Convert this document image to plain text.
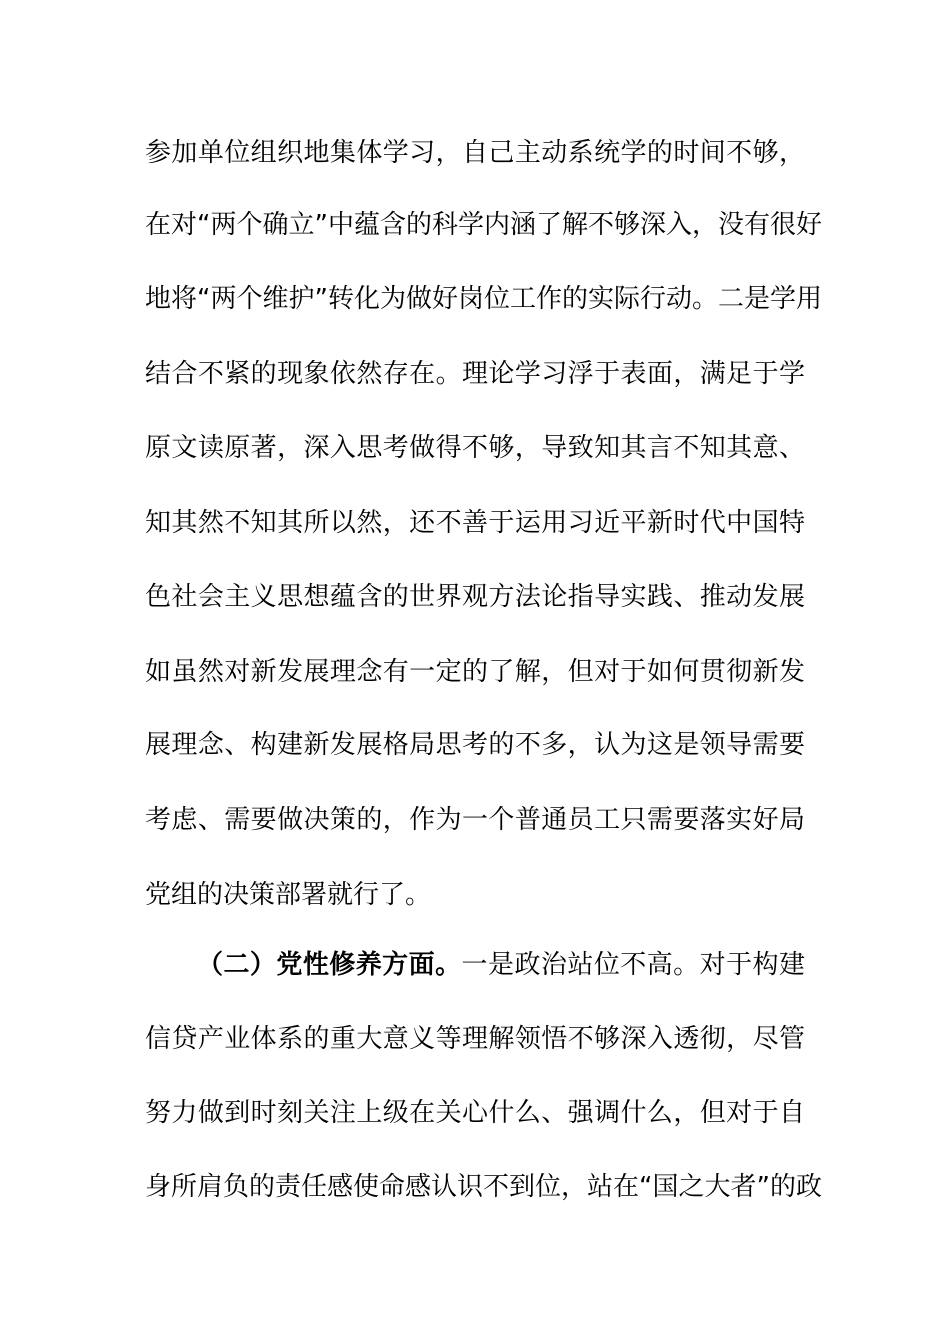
参加单位组织地集体学习，自己主动系统学的时间不够，
在对“两个确立”中蕴含的科学内涵了解不够深入，没有很好
地将“两个维护”转化为做好岗位工作的实际行动。二是学用
结合不紧的现象依然存在。理论学习浮于表面，满足于学
原文读原著，深入思考做得不够，导致知其言不知其意、
知其然不知其所以然，还不善于运用习近平新时代中国特
色社会主义思想蕴含的世界观方法论指导实践、推动发展
如虽然对新发展理念有一定的了解，但对于如何贯彻新发
展理念、构建新发展格局思考的不多，认为这是领导需要
考虑、需要做决策的，作为一个普通员工只需要落实好局
党组的决策部署就行了。
（二）党性修养方面。一是政治站位不高。对于构建
信贷产业体系的重大意义等理解领悟不够深入透彻，尽管
努力做到时刻关注上级在关心什么、强调什么，但对于自
身所肩负的责任感使命感认识不到位，站在“国之大者”的政
